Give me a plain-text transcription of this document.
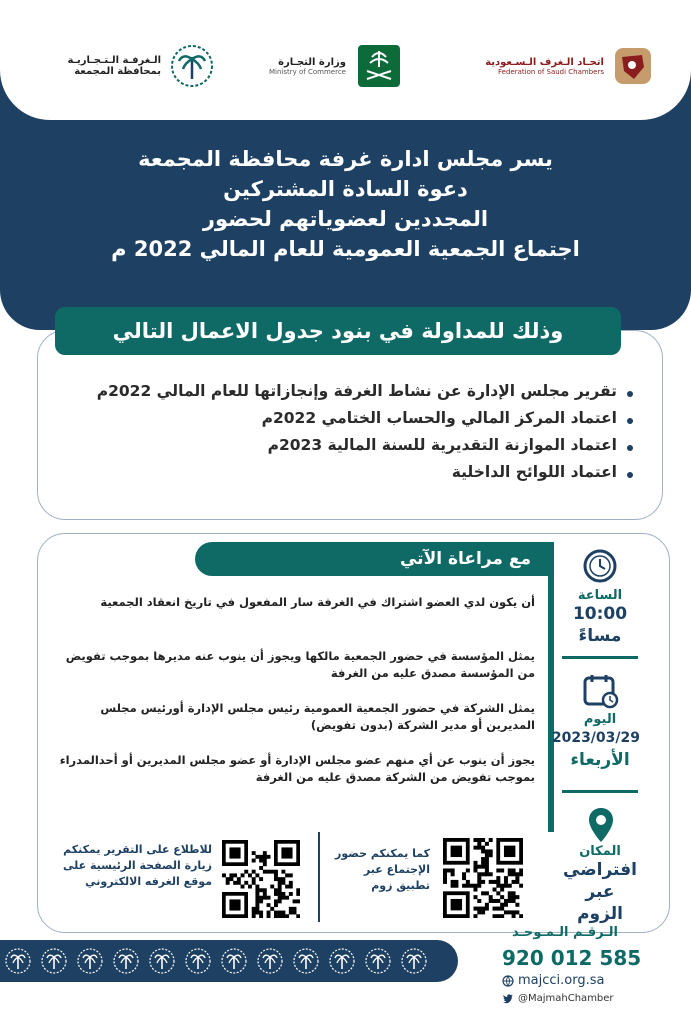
اتحـاد الـغرف الـسـعودية
Federation of Saudi Chambers
وزارة التجـارة
Ministry of Commerce
الـغرفـة الـتـجـاريـة
بمحافظة المجمعة
يسر مجلس ادارة غرفة محافظة المجمعة
دعوة السادة المشتركين
المجددين لعضوياتهم لحضور
اجتماع الجمعية العمومية للعام المالي 2022 م
وذلك للمداولة في بنود جدول الاعمال التالي
تقرير مجلس الإدارة عن نشاط الغرفة وإنجازاتها للعام المالي 2022م
اعتماد المركز المالي والحساب الختامي 2022م
اعتماد الموازنة التقديرية للسنة المالية 2023م
اعتماد اللوائح الداخلية
مع مراعاة الآتي
أن يكون لدي العضو اشتراك في الغرفة سار المفعول في تاريخ انعقاد الجمعية
يمثل المؤسسة في حضور الجمعية مالكها ويجوز أن ينوب عنه مديرها بموجب تفويض من المؤسسة مصدق عليه من الغرفة
يمثل الشركة في حضور الجمعية العمومية رئيس مجلس الإدارة أورئيس مجلس المديرين أو مدير الشركة (بدون تفويض)
يجوز أن ينوب عن أي منهم عضو مجلس الإدارة أو عضو مجلس المديرين أو أحدالمدراء بموجب تفويض من الشركة مصدق عليه من الغرفة
الساعة
10:00
مساءً
اليوم
2023/03/29
الأربعاء
المكان
افتراضي
عبر الزوم
للاطلاع على التقرير يمكنكم زيارة الصفحة الرئيسية على موقع الغرفه الالكتروني
كما يمكنكم حضور الإجتماع عبر تطبيق زوم
الـرقـم الـمـوحـد
920 012 585
majcci.org.sa
@MajmahChamber
